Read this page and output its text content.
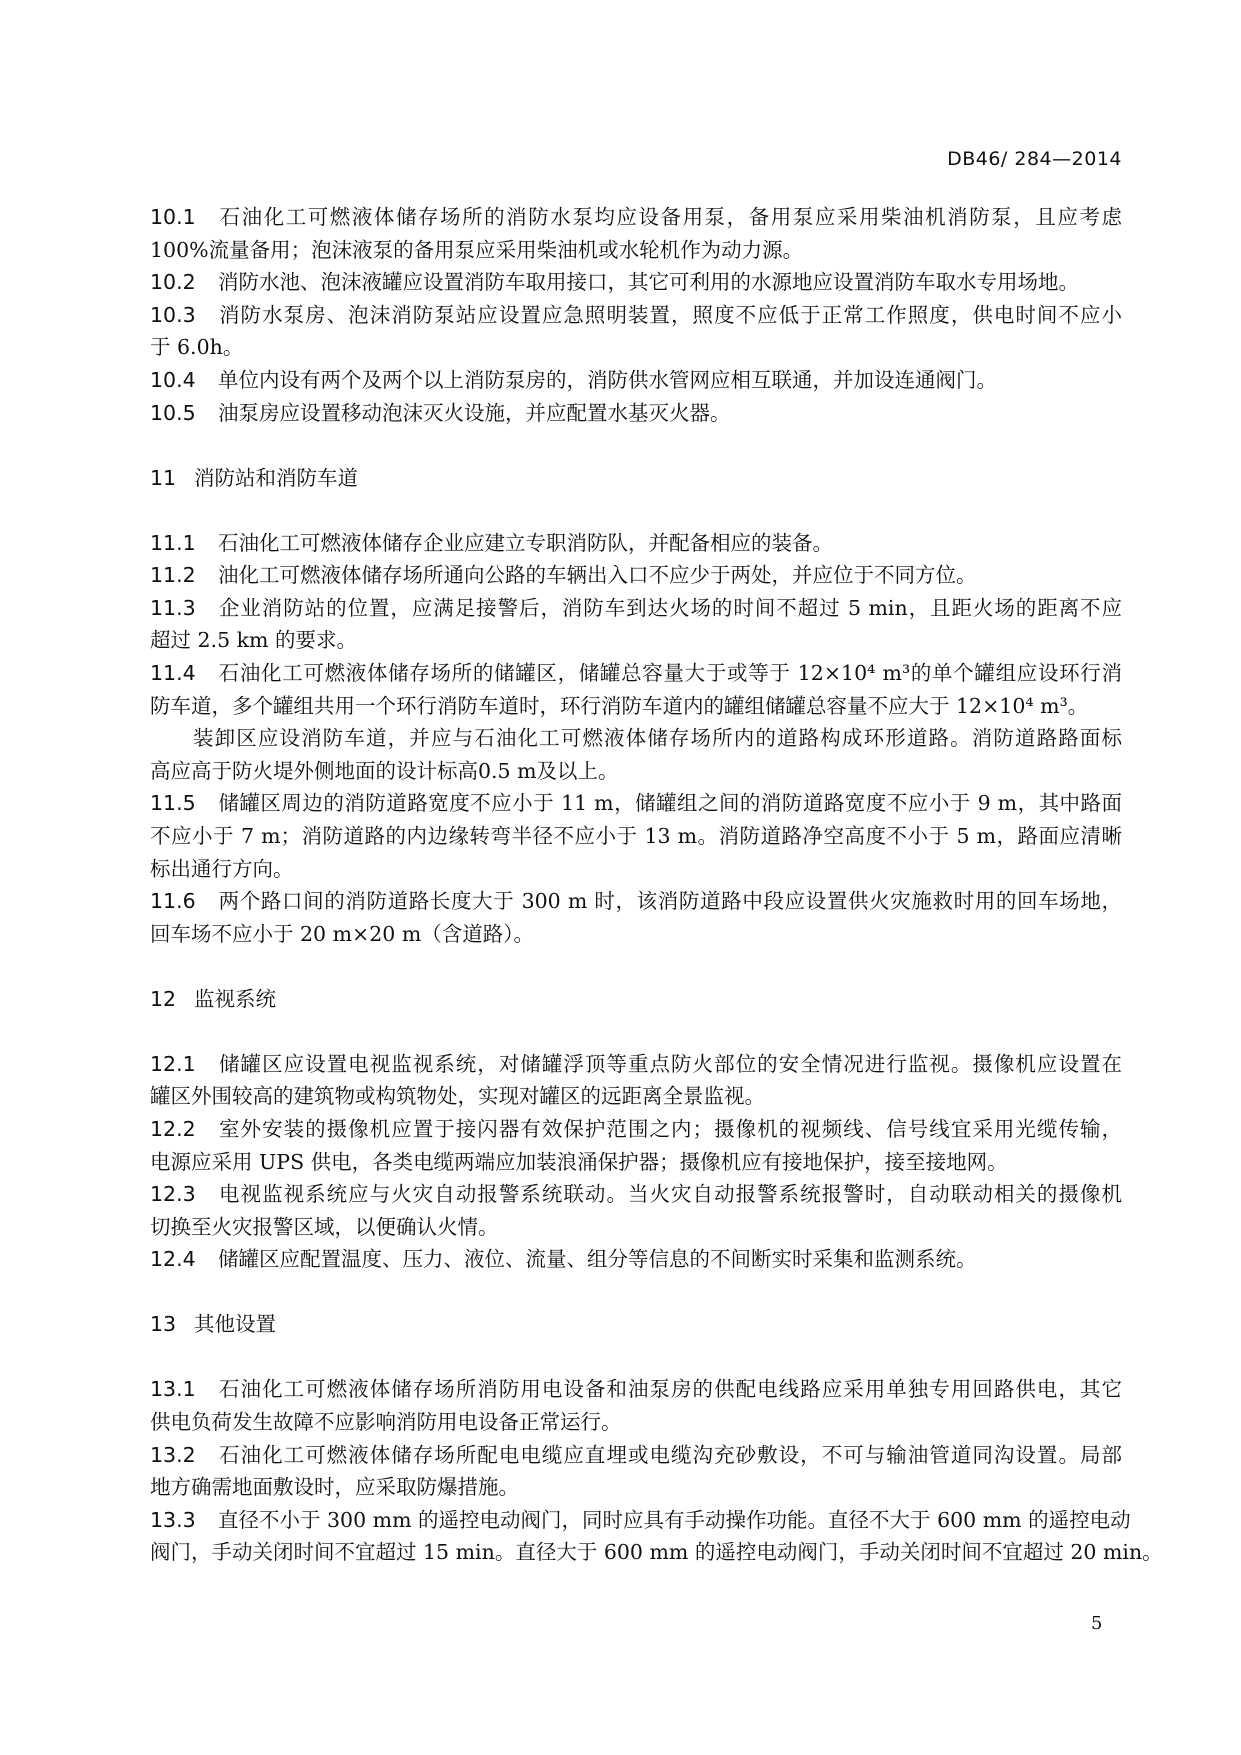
DB46/ 284—2014
10.1 石油化工可燃液体储存场所的消防水泵均应设备用泵，备用泵应采用柴油机消防泵，且应考虑
100%流量备用；泡沫液泵的备用泵应采用柴油机或水轮机作为动力源。
10.2 消防水池、泡沫液罐应设置消防车取用接口，其它可利用的水源地应设置消防车取水专用场地。
10.3 消防水泵房、泡沫消防泵站应设置应急照明装置，照度不应低于正常工作照度，供电时间不应小
于 6.0h。
10.4 单位内设有两个及两个以上消防泵房的，消防供水管网应相互联通，并加设连通阀门。
10.5 油泵房应设置移动泡沫灭火设施，并应配置水基灭火器。
11 消防站和消防车道
11.1 石油化工可燃液体储存企业应建立专职消防队，并配备相应的装备。
11.2 油化工可燃液体储存场所通向公路的车辆出入口不应少于两处，并应位于不同方位。
11.3 企业消防站的位置，应满足接警后，消防车到达火场的时间不超过 5 min，且距火场的距离不应
超过 2.5 km 的要求。
11.4 石油化工可燃液体储存场所的储罐区，储罐总容量大于或等于 12×10⁴ m³的单个罐组应设环行消
防车道，多个罐组共用一个环行消防车道时，环行消防车道内的罐组储罐总容量不应大于 12×10⁴ m³。
装卸区应设消防车道，并应与石油化工可燃液体储存场所内的道路构成环形道路。消防道路路面标
高应高于防火堤外侧地面的设计标高0.5 m及以上。
11.5 储罐区周边的消防道路宽度不应小于 11 m，储罐组之间的消防道路宽度不应小于 9 m，其中路面
不应小于 7 m；消防道路的内边缘转弯半径不应小于 13 m。消防道路净空高度不小于 5 m，路面应清晰
标出通行方向。
11.6 两个路口间的消防道路长度大于 300 m 时，该消防道路中段应设置供火灾施救时用的回车场地，
回车场不应小于 20 m×20 m（含道路）。
12 监视系统
12.1 储罐区应设置电视监视系统，对储罐浮顶等重点防火部位的安全情况进行监视。摄像机应设置在
罐区外围较高的建筑物或构筑物处，实现对罐区的远距离全景监视。
12.2 室外安装的摄像机应置于接闪器有效保护范围之内；摄像机的视频线、信号线宜采用光缆传输，
电源应采用 UPS 供电，各类电缆两端应加装浪涌保护器；摄像机应有接地保护，接至接地网。
12.3 电视监视系统应与火灾自动报警系统联动。当火灾自动报警系统报警时，自动联动相关的摄像机
切换至火灾报警区域，以便确认火情。
12.4 储罐区应配置温度、压力、液位、流量、组分等信息的不间断实时采集和监测系统。
13 其他设置
13.1 石油化工可燃液体储存场所消防用电设备和油泵房的供配电线路应采用单独专用回路供电，其它
供电负荷发生故障不应影响消防用电设备正常运行。
13.2 石油化工可燃液体储存场所配电电缆应直埋或电缆沟充砂敷设，不可与输油管道同沟设置。局部
地方确需地面敷设时，应采取防爆措施。
13.3 直径不小于 300 mm 的遥控电动阀门，同时应具有手动操作功能。直径不大于 600 mm 的遥控电动
阀门，手动关闭时间不宜超过 15 min。直径大于 600 mm 的遥控电动阀门，手动关闭时间不宜超过 20 min。
5
